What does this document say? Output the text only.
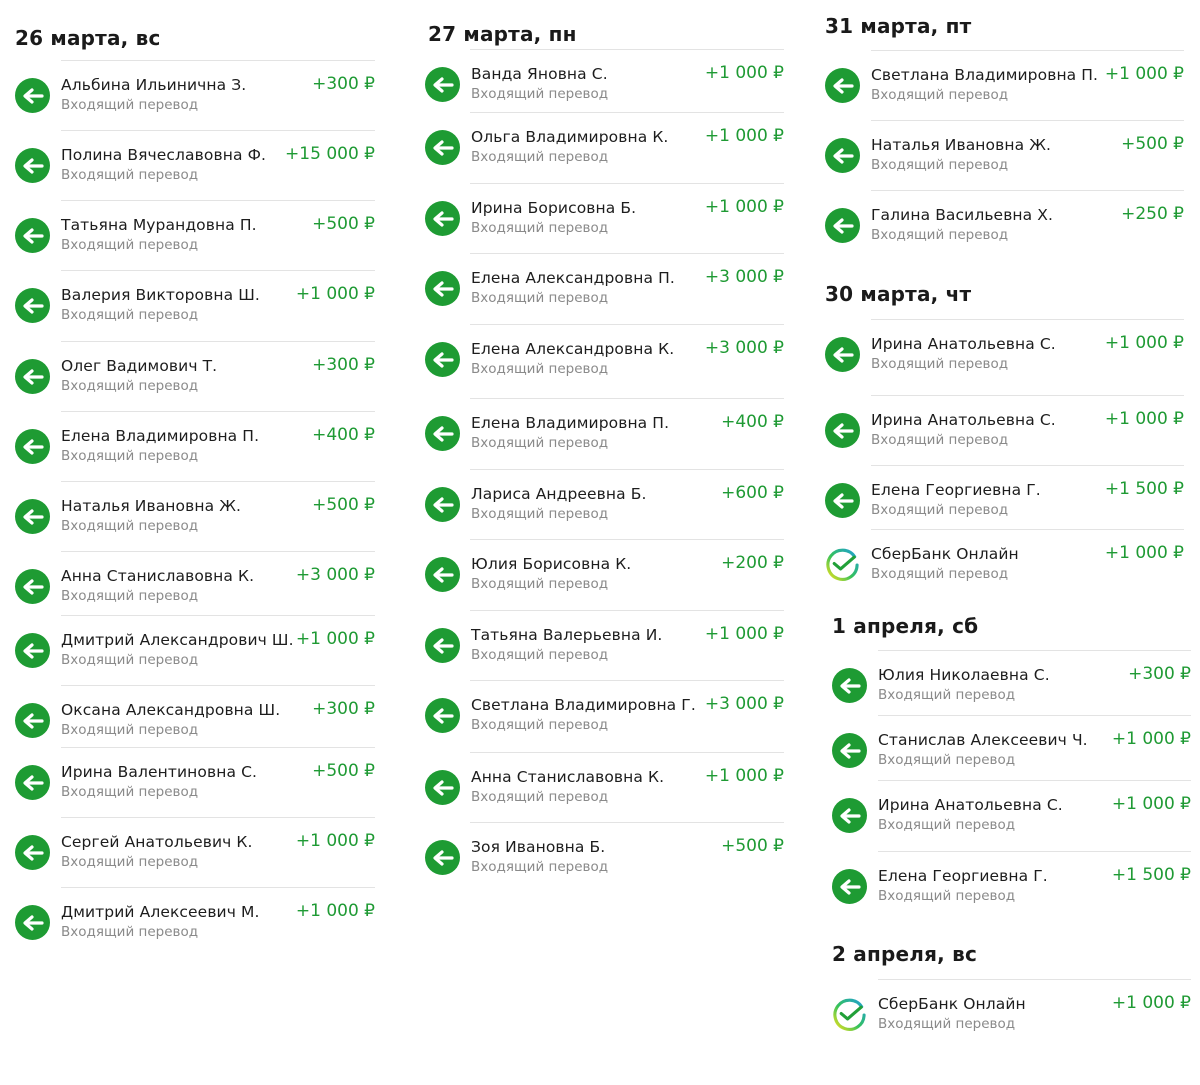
26 марта, вс
Альбина Ильинична З.
Входящий перевод
+300 ₽
Полина Вячеславовна Ф.
Входящий перевод
+15 000 ₽
Татьяна Мурандовна П.
Входящий перевод
+500 ₽
Валерия Викторовна Ш.
Входящий перевод
+1 000 ₽
Олег Вадимович Т.
Входящий перевод
+300 ₽
Елена Владимировна П.
Входящий перевод
+400 ₽
Наталья Ивановна Ж.
Входящий перевод
+500 ₽
Анна Станиславовна К.
Входящий перевод
+3 000 ₽
Дмитрий Александрович Ш.
Входящий перевод
+1 000 ₽
Оксана Александровна Ш.
Входящий перевод
+300 ₽
Ирина Валентиновна С.
Входящий перевод
+500 ₽
Сергей Анатольевич К.
Входящий перевод
+1 000 ₽
Дмитрий Алексеевич М.
Входящий перевод
+1 000 ₽
27 марта, пн
Ванда Яновна С.
Входящий перевод
+1 000 ₽
Ольга Владимировна К.
Входящий перевод
+1 000 ₽
Ирина Борисовна Б.
Входящий перевод
+1 000 ₽
Елена Александровна П.
Входящий перевод
+3 000 ₽
Елена Александровна К.
Входящий перевод
+3 000 ₽
Елена Владимировна П.
Входящий перевод
+400 ₽
Лариса Андреевна Б.
Входящий перевод
+600 ₽
Юлия Борисовна К.
Входящий перевод
+200 ₽
Татьяна Валерьевна И.
Входящий перевод
+1 000 ₽
Светлана Владимировна Г.
Входящий перевод
+3 000 ₽
Анна Станиславовна К.
Входящий перевод
+1 000 ₽
Зоя Ивановна Б.
Входящий перевод
+500 ₽
31 марта, пт
Светлана Владимировна П.
Входящий перевод
+1 000 ₽
Наталья Ивановна Ж.
Входящий перевод
+500 ₽
Галина Васильевна Х.
Входящий перевод
+250 ₽
30 марта, чт
Ирина Анатольевна С.
Входящий перевод
+1 000 ₽
Ирина Анатольевна С.
Входящий перевод
+1 000 ₽
Елена Георгиевна Г.
Входящий перевод
+1 500 ₽
СберБанк Онлайн
Входящий перевод
+1 000 ₽
1 апреля, сб
Юлия Николаевна С.
Входящий перевод
+300 ₽
Станислав Алексеевич Ч.
Входящий перевод
+1 000 ₽
Ирина Анатольевна С.
Входящий перевод
+1 000 ₽
Елена Георгиевна Г.
Входящий перевод
+1 500 ₽
2 апреля, вс
СберБанк Онлайн
Входящий перевод
+1 000 ₽
